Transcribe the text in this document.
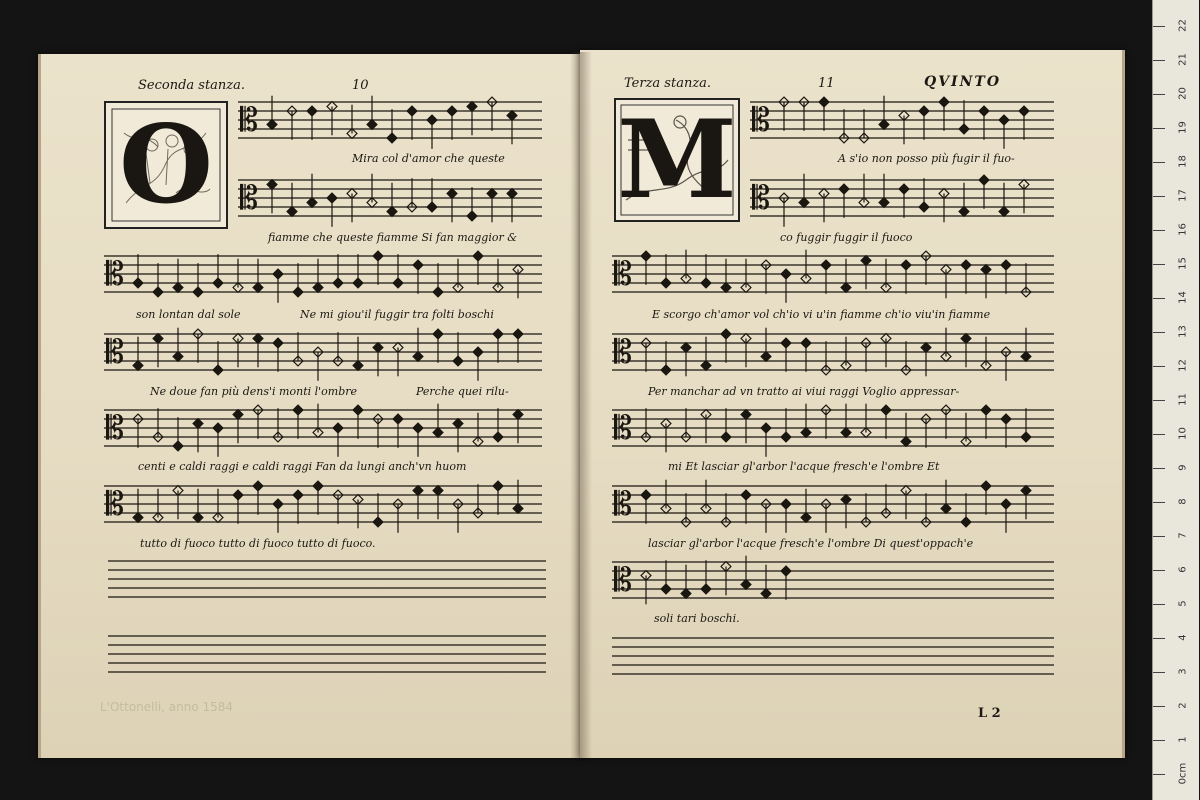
O	M
𝄡
𝄡
𝄡
𝄡
𝄡
𝄡
𝄡
𝄡
𝄡
𝄡
𝄡
𝄡
𝄡
Seconda stanza.	10	Terza stanza.	11	QVINTO
Mira col d'amor che queste
fiamme che queste fiamme Si fan maggior &
son lontan dal sole	Ne mi giou'il fuggir tra folti boschi
Ne doue fan più dens'i monti l'ombre	Perche quei rilu-
centi e caldi raggi e caldi raggi Fan da lungi anch'vn huom
tutto di fuoco tutto di fuoco tutto di fuoco.
A s'io non posso più fugir il fuo-
co fuggir fuggir il fuoco
E scorgo ch'amor vol ch'io vi u'in fiamme ch'io viu'in fiamme
Per manchar ad vn tratto ai viui raggi Voglio appressar-
mi Et lasciar gl'arbor l'acque fresch'e l'ombre Et
lasciar gl'arbor l'acque fresch'e l'ombre Di quest'oppach'e
soli tari boschi.
L 2
L'Ottonelli, anno 1584
22
21
20
19
18
17
16
15
14
13
12
11
10
9
8
7
6
5
4
3
2
1
0cm
